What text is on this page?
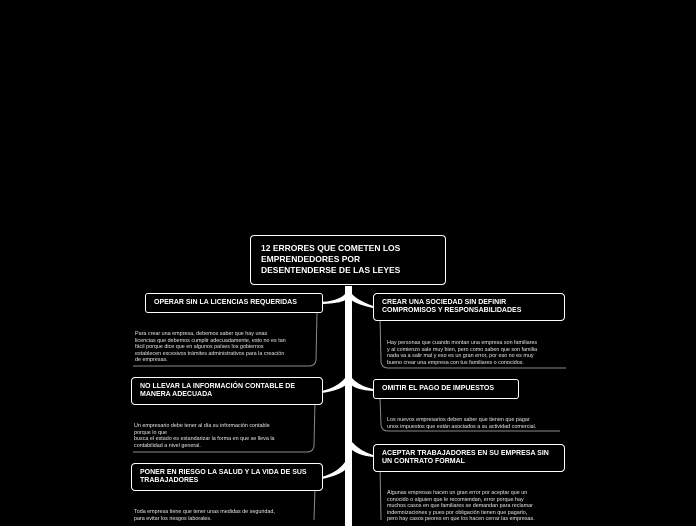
12 ERRORES QUE COMETEN LOS EMPRENDEDORES POR DESENTENDERSE DE LAS LEYES
OPERAR SIN LA LICENCIAS REQUERIDAS
Para crear una empresa, debemos saber que hay unas
licencias que debemos cumplir adecuadamente, esto no es tan
fácil porque dice que en algunos países los gobiernos
establecen excesivos trámites administrativos para la creación
de empresas.
NO LLEVAR LA INFORMACIÓN CONTABLE DE MANERA ADECUADA
Un empresario debe tener al día su información contable
porque lo que
busca el estado es estandarizar la forma en que se lleva la
contabilidad a nivel general.
PONER EN RIESGO LA SALUD Y LA VIDA DE SUS TRABAJADORES
Toda empresa tiene que tener unas medidas de seguridad,
para evitar los riesgos laborales.
CREAR UNA SOCIEDAD SIN DEFINIR COMPROMISOS Y RESPONSABILIDADES
Hay personas que cuando montan una empresa son familiares
y al comienzo sale muy bien, pero como saben que son familia
nada va a salir mal y eso es un gran error, por eso no es muy
bueno crear una empresa con tus familiares o conocidos.
OMITIR EL PAGO DE IMPUESTOS
Los nuevos empresarios deben saber que tienen que pagar
unos impuestos que están asociados a su actividad comercial.
ACEPTAR TRABAJADORES EN SU EMPRESA SIN UN CONTRATO FORMAL
Algunas empresas hacen un gran error por aceptar que un
conocido o alguien que le recomiendan, error porque hay
muchos casos en que familiares se demandan para reclamar
indemnizaciones y pues por obligación tienen que pagarlo,
pero hay casos peores en que los hacen cerrar las empresas.
